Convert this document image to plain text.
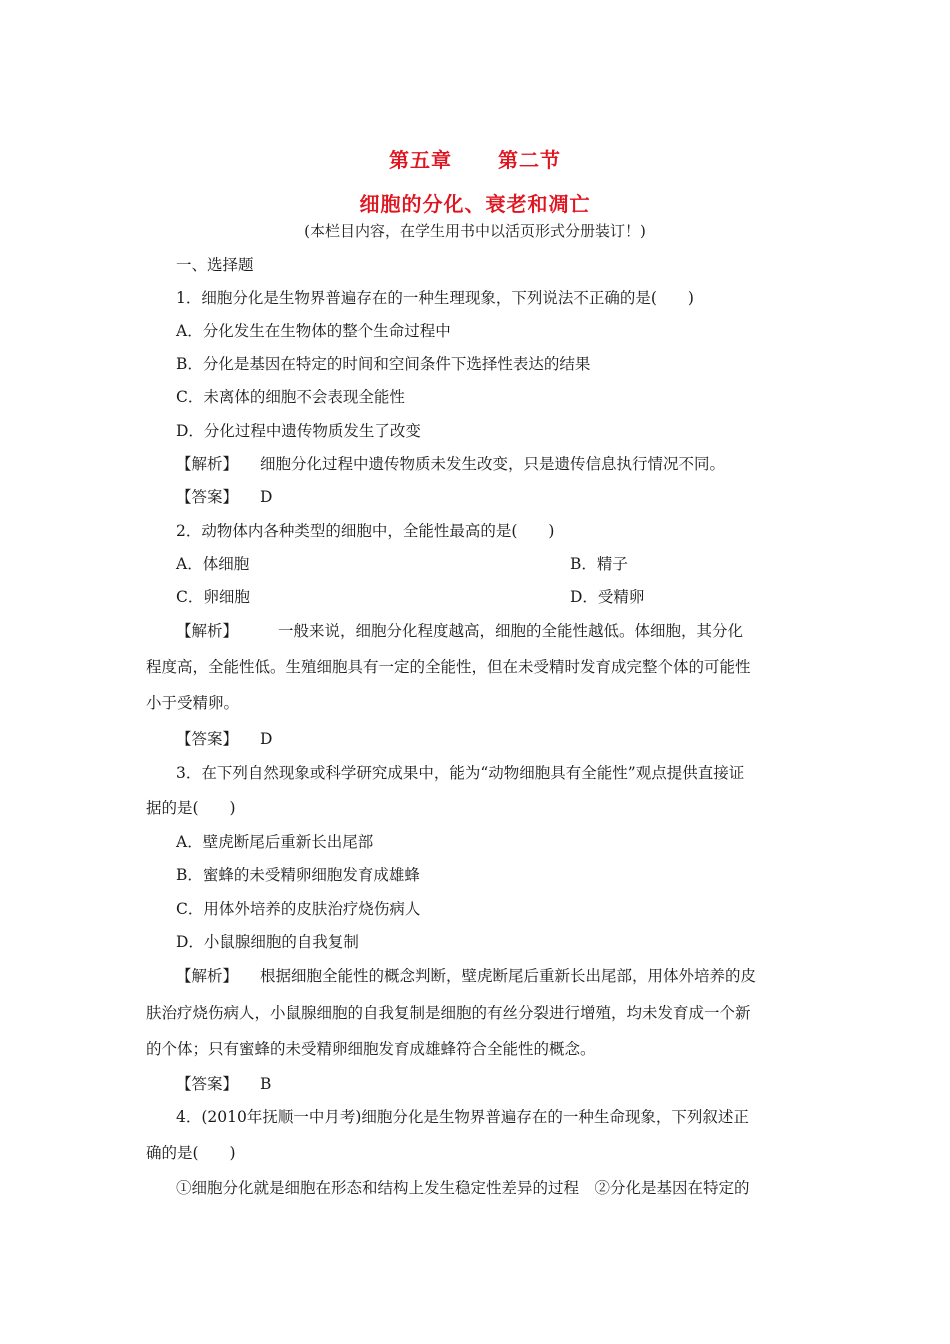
第五章 第二节
细胞的分化、衰老和凋亡
(本栏目内容，在学生用书中以活页形式分册装订！)
一、选择题
1．细胞分化是生物界普遍存在的一种生理现象，下列说法不正确的是(　　)
A．分化发生在生物体的整个生命过程中
B．分化是基因在特定的时间和空间条件下选择性表达的结果
C．未离体的细胞不会表现全能性
D．分化过程中遗传物质发生了改变
【解析】 细胞分化过程中遗传物质未发生改变，只是遗传信息执行情况不同。
【答案】 D
2．动物体内各种类型的细胞中，全能性最高的是(　　)
A．体细胞	B．精子
C．卵细胞	D．受精卵
【解析】	一般来说，细胞分化程度越高，细胞的全能性越低。体细胞，其分化
程度高，全能性低。生殖细胞具有一定的全能性，但在未受精时发育成完整个体的可能性
小于受精卵。
【答案】 D
3．在下列自然现象或科学研究成果中，能为“动物细胞具有全能性”观点提供直接证
据的是(　　)
A．壁虎断尾后重新长出尾部
B．蜜蜂的未受精卵细胞发育成雄蜂
C．用体外培养的皮肤治疗烧伤病人
D．小鼠腺细胞的自我复制
【解析】 根据细胞全能性的概念判断，壁虎断尾后重新长出尾部，用体外培养的皮
肤治疗烧伤病人，小鼠腺细胞的自我复制是细胞的有丝分裂进行增殖，均未发育成一个新
的个体；只有蜜蜂的未受精卵细胞发育成雄蜂符合全能性的概念。
【答案】 B
4．(2010年抚顺一中月考)细胞分化是生物界普遍存在的一种生命现象，下列叙述正
确的是(　　)
①细胞分化就是细胞在形态和结构上发生稳定性差异的过程　②分化是基因在特定的
